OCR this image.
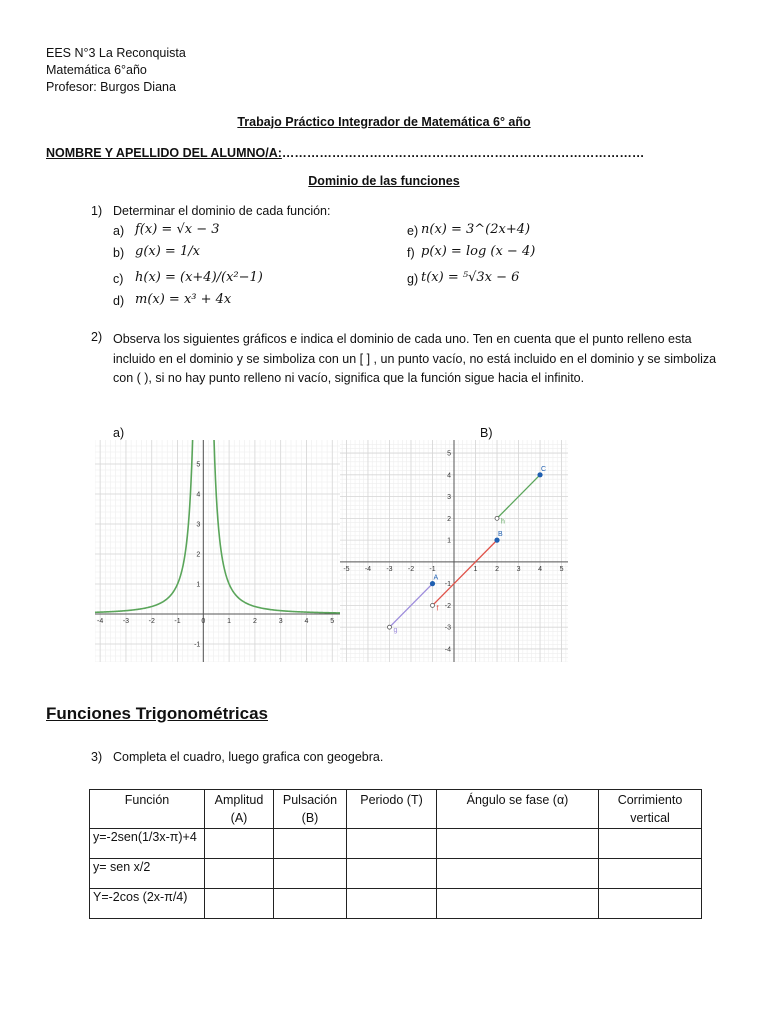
EES N°3 La Reconquista
Matemática 6°año
Profesor: Burgos Diana
Trabajo Práctico Integrador de Matemática 6° año
NOMBRE Y APELLIDO DEL ALUMNO/A:……………………………………………………………………………
Dominio de las funciones
1) Determinar el dominio de cada función:
a) f(x) = √x − 3
b) g(x) = 1/x
c) h(x) = (x+4)/(x²−1)
d) m(x) = x³ + 4x
e) n(x) = 3^(2x+4)
f) p(x) = log (x − 4)
g) t(x) = ⁵√3x − 6
2) Observa los siguientes gráficos e indica el dominio de cada uno. Ten en cuenta que el punto relleno esta incluido en el dominio y se simboliza con un [ ] , un punto vacío, no está incluido en el dominio y se simboliza con ( ), si no hay punto relleno ni vacío, significa que la función sigue hacia el infinito.
a)	B)
-4	-3	-2	-1	0	1	2	3	4	5
-1
1
2
3
4
5
-5 -4 -3 -2 -1	1	2	3	4	5
-4
-3
-2
-1
1
2
3
4
5
g
A
f
B
h
C
Funciones Trigonométricas
3) Completa el cuadro, luego grafica con geogebra.
Función	Amplitud (A)	Pulsación (B)	Periodo (T)	Ángulo se fase (α)	Corrimiento vertical
y=-2sen(1/3x-π)+4					
y= sen x/2					
Y=-2cos (2x-π/4)					
